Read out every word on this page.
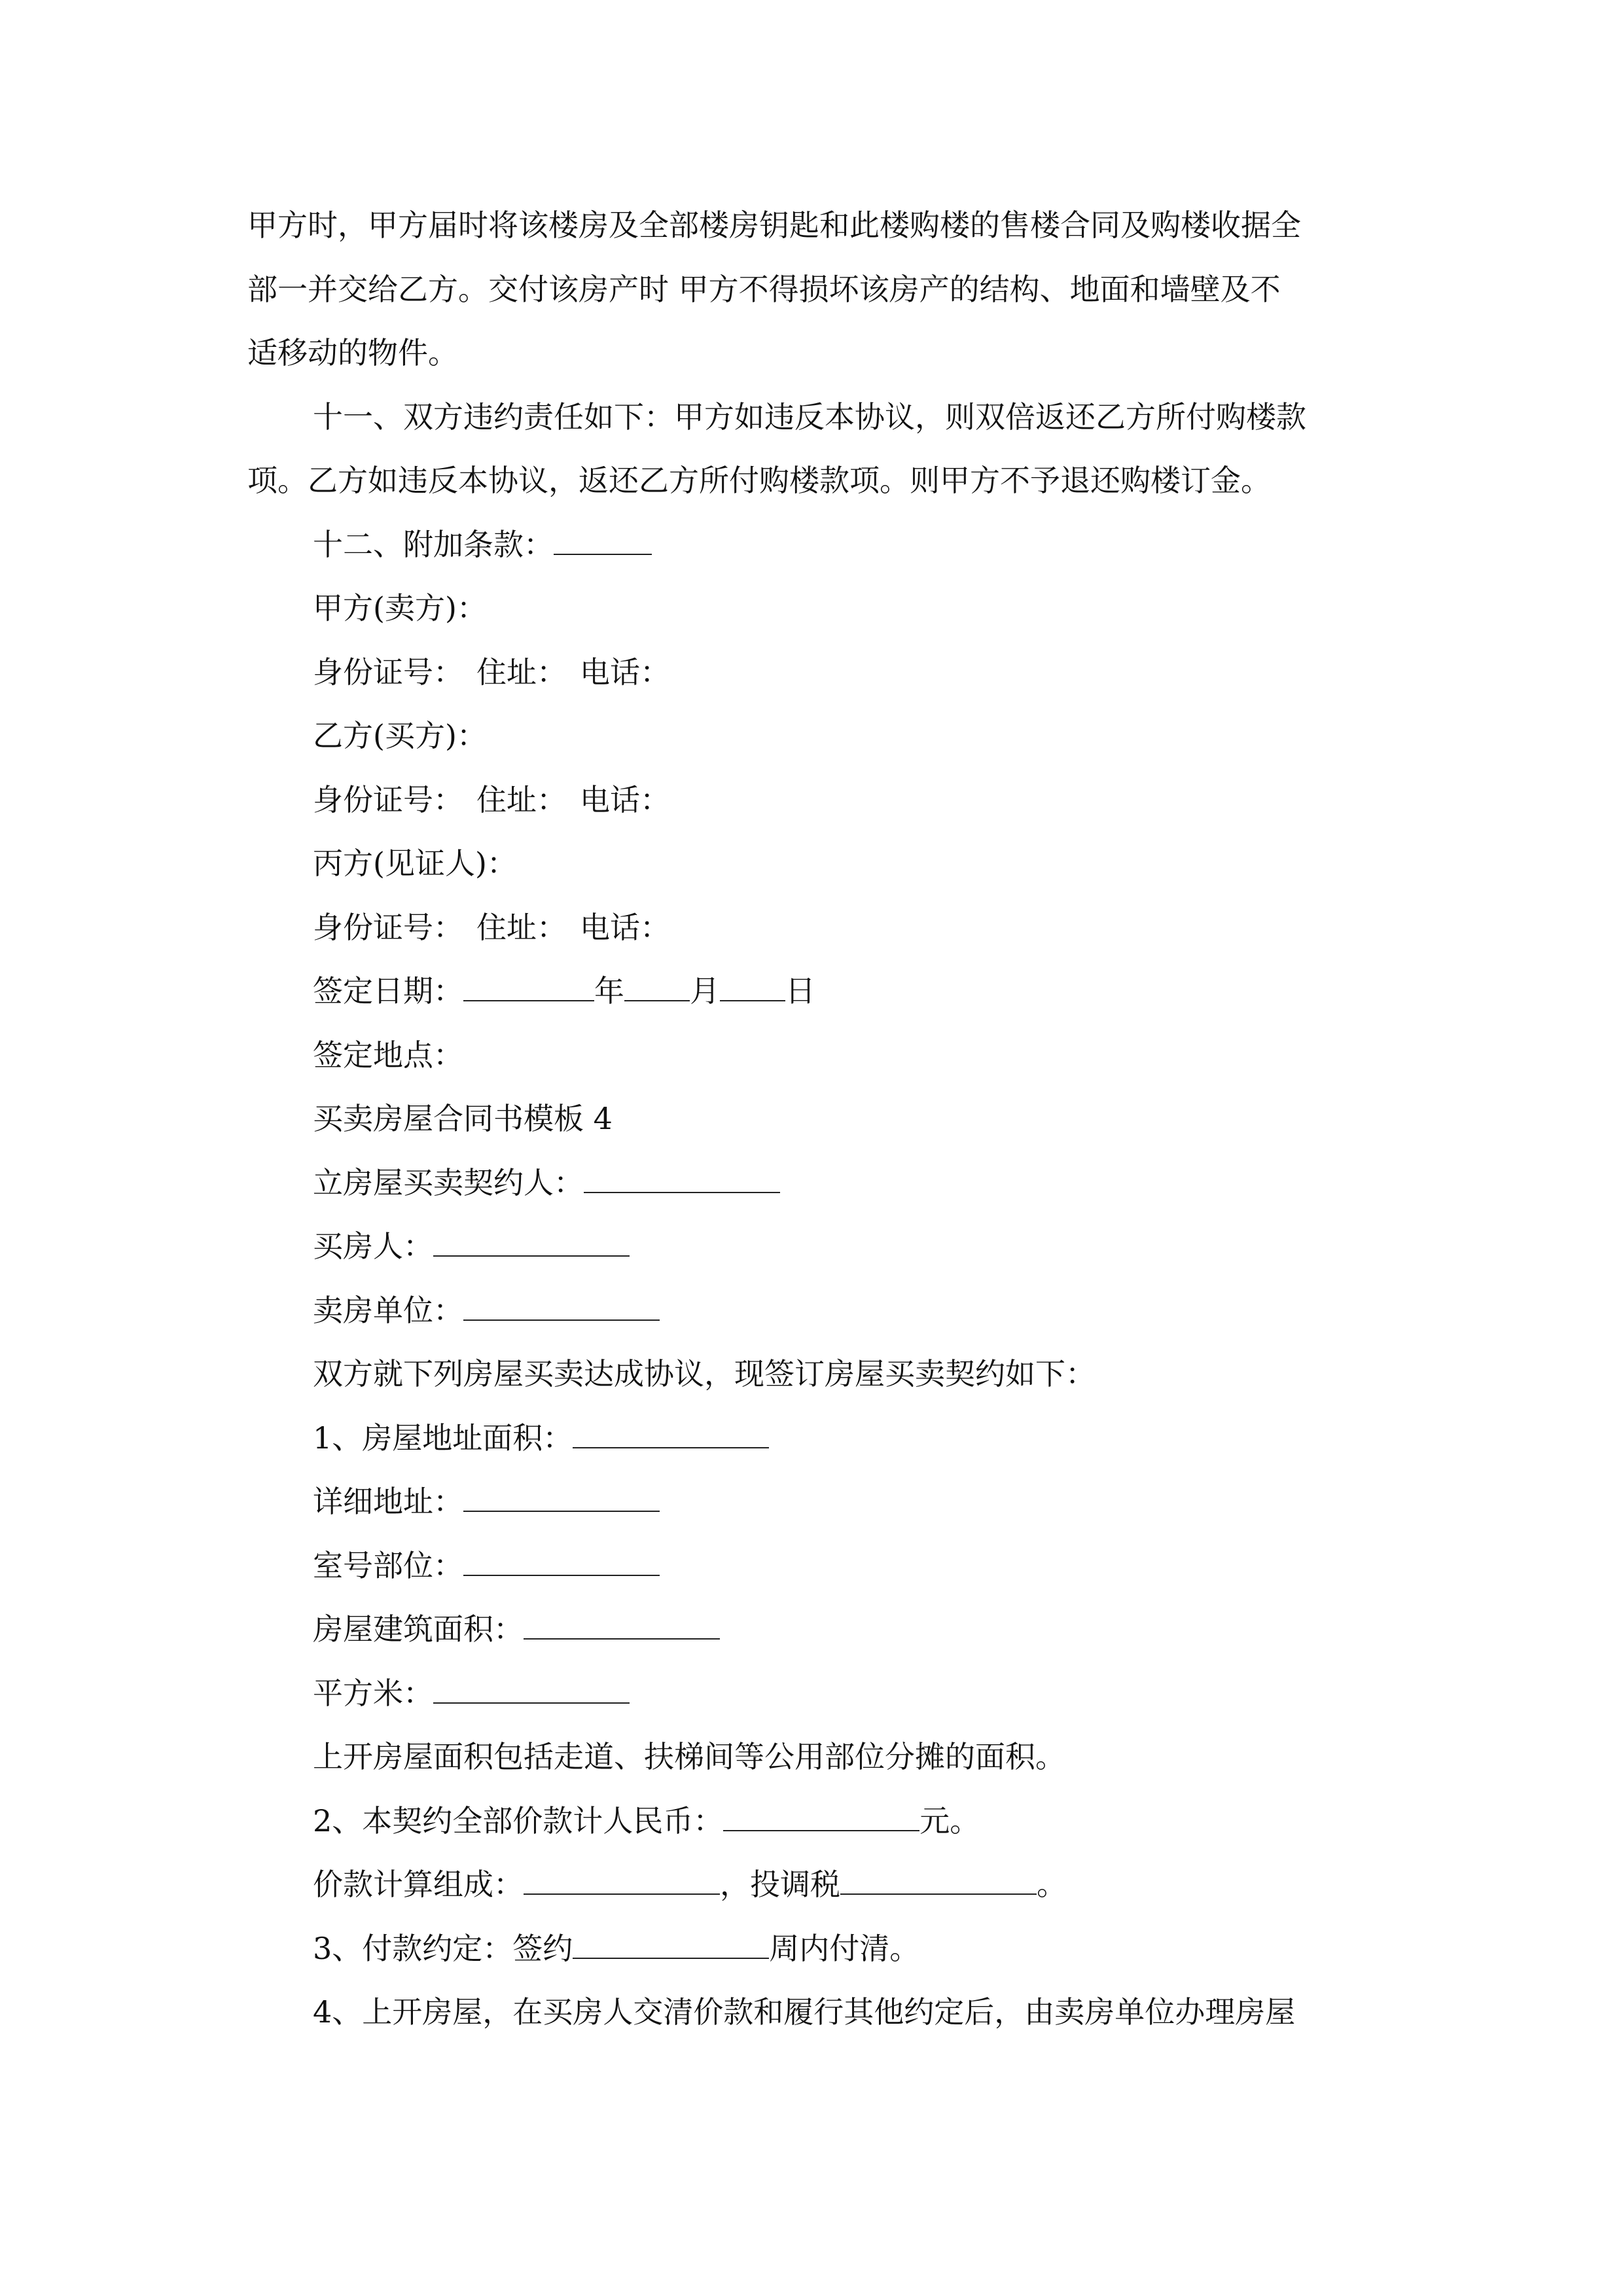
甲方时，甲方届时将该楼房及全部楼房钥匙和此楼购楼的售楼合同及购楼收据全
部一并交给乙方。交付该房产时 甲方不得损坏该房产的结构、地面和墙壁及不
适移动的物件。
十一、双方违约责任如下：甲方如违反本协议，则双倍返还乙方所付购楼款
项。乙方如违反本协议，返还乙方所付购楼款项。则甲方不予退还购楼订金。
十二、附加条款：
甲方(卖方)：
身份证号： 住址： 电话：
乙方(买方)：
身份证号： 住址： 电话：
丙方(见证人)：
身份证号： 住址： 电话：
签定日期：	年 月 日
签定地点：
买卖房屋合同书模板 4
立房屋买卖契约人：
买房人：
卖房单位：
双方就下列房屋买卖达成协议，现签订房屋买卖契约如下：
1、房屋地址面积：
详细地址：
室号部位：
房屋建筑面积：
平方米：
上开房屋面积包括走道、扶梯间等公用部位分摊的面积。
2、本契约全部价款计人民币：	元。
价款计算组成：	，投调税	。
3、付款约定：签约	周内付清。
4、上开房屋，在买房人交清价款和履行其他约定后，由卖房单位办理房屋
